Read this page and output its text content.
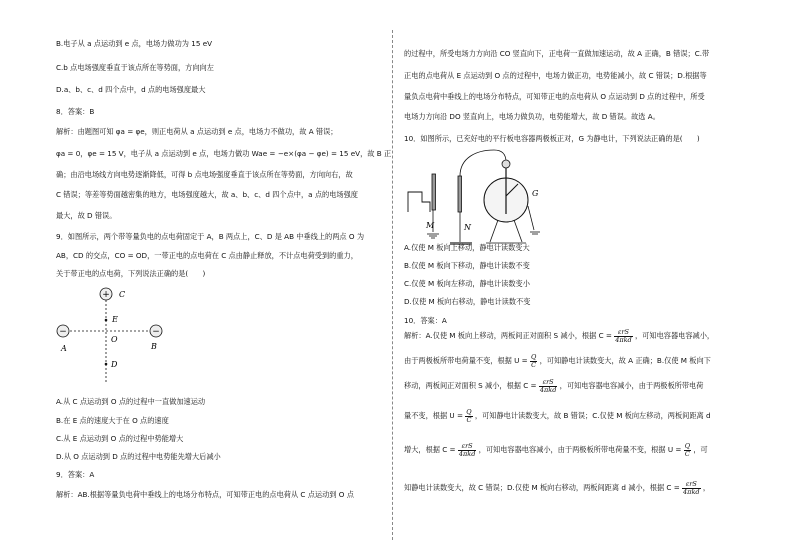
B.电子从 a 点运动到 e 点，电场力做功为 15 eV

C.b 点电场强度垂直于该点所在等势面，方向向左

D.a、b、c、d 四个点中，d 点的电场强度最大

8．答案：B

解析：由题图可知 φa = φe，则正电荷从 a 点运动到 e 点，电场力不做功，故 A 错误；

φa = 0，φe = 15 V，电子从 a 点运动到 e 点，电场力做功 Wae = −e×(φa − φe) = 15 eV，故 B 正

确；由沿电场线方向电势逐渐降低，可得 b 点电场强度垂直于该点所在等势面，方向向右，故

C 错误；等差等势面越密集的地方，电场强度越大，故 a、b、c、d 四个点中，a 点的电场强度

最大，故 D 错误。

9．如图所示，两个带等量负电的点电荷固定于 A，B 两点上，C、D 是 AB 中垂线上的两点 O 为

AB，CD 的交点，CO = OD，一带正电的点电荷在 C 点由静止释放，不计点电荷受到的重力，

关于带正电的点电荷，下列说法正确的是(　　)

+ C
E
O
D
−
A
−
B

A.从 C 点运动到 O 点的过程中一直做加速运动

B.在 E 点的速度大于在 O 点的速度

C.从 E 点运动到 O 点的过程中势能增大

D.从 O 点运动到 D 点的过程中电势能先增大后减小

9．答案：A

解析：AB.根据等量负电荷中垂线上的电场分布特点，可知带正电的点电荷从 C 点运动到 O 点

的过程中，所受电场力方向沿 CO 竖直向下，正电荷一直做加速运动，故 A 正确，B 错误；C.带

正电的点电荷从 E 点运动到 O 点的过程中，电场力做正功，电势能减小，故 C 错误；D.根据等

量负点电荷中垂线上的电场分布特点，可知带正电的点电荷从 O 点运动到 D 点的过程中，所受

电场力方向沿 DO 竖直向上，电场力做负功，电势能增大，故 D 错误。故选 A。

10．如图所示，已充好电的平行板电容器两极板正对，G 为静电计，下列说法正确的是(　　)

M	N
G

A.仅使 M 板向上移动，静电计读数变大

B.仅使 M 板向下移动，静电计读数不变

C.仅使 M 板向左移动，静电计读数变小

D.仅使 M 板向右移动，静电计读数不变

10．答案：A

解析：A.仅使 M 板向上移动，两板间正对面积 S 减小，根据 $C = \frac{\text{εrS}}{\text{4πkd}}$ ，可知电容器电容减小，

由于两极板所带电荷量不变，根据 $U = \frac{Q}{C}$ ，可知静电计读数变大，故 A 正确；B.仅使 M 板向下

移动，两板间正对面积 S 减小，根据 $C = \frac{\text{εrS}}{\text{4πkd}}$ ，可知电容器电容减小，由于两极板所带电荷

量不变，根据 $U = \frac{Q}{C}$ ，可知静电计读数变大，故 B 错误；C.仅使 M 板向左移动，两板间距离 d

增大，根据 $C = \frac{\text{εrS}}{\text{4πkd}}$ ，可知电容器电容减小，由于两极板所带电荷量不变，根据 $U = \frac{Q}{C}$ ，可

知静电计读数变大，故 C 错误；D.仅使 M 板向右移动，两板间距离 d 减小，根据 $C = \frac{\text{εrS}}{\text{4πkd}}$ ，
